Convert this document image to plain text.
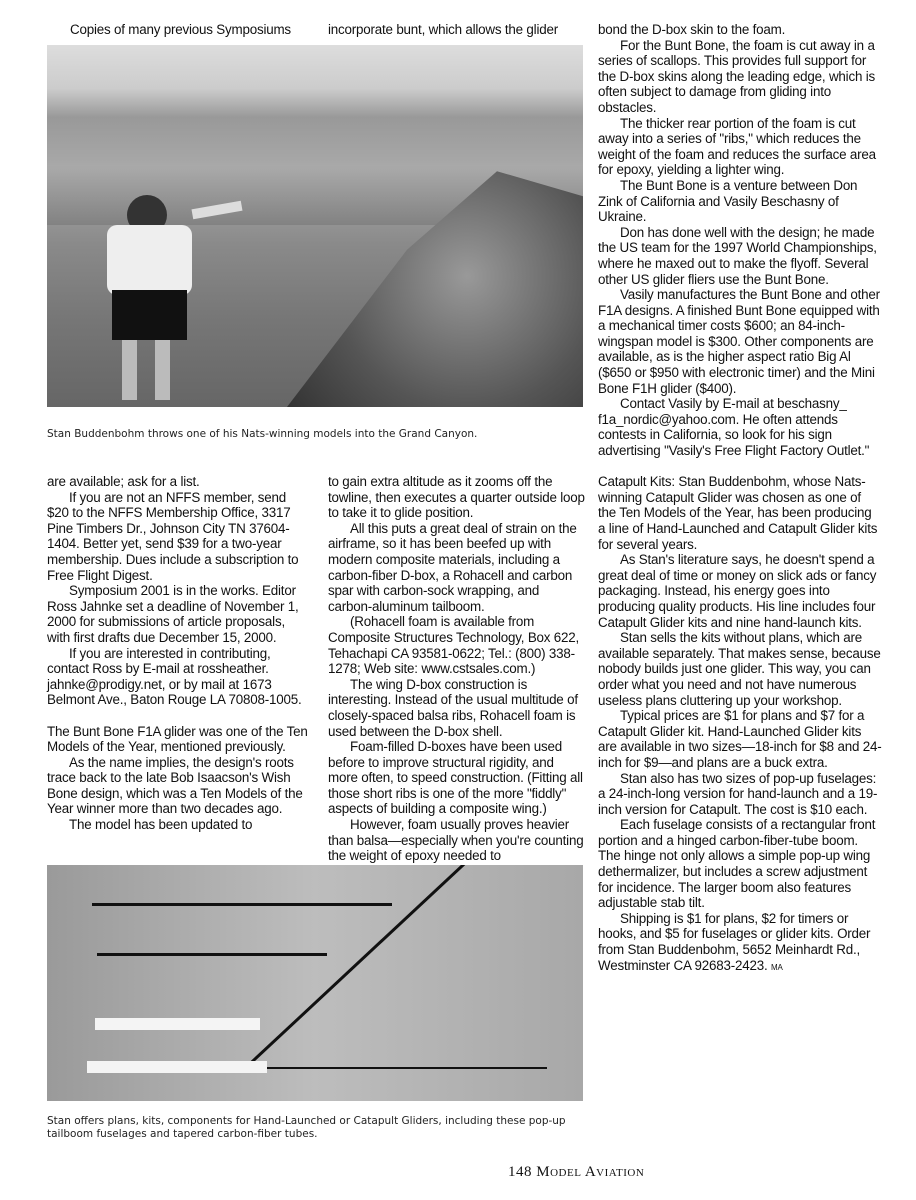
Copies of many previous Symposiums	incorporate bunt, which allows the glider
Stan Buddenbohm throws one of his Nats-winning models into the Grand Canyon.

are available; ask for a list.

If you are not an NFFS member, send $20 to the NFFS Membership Office, 3317 Pine Timbers Dr., Johnson City TN 37604-1404. Better yet, send $39 for a two-year membership. Dues include a subscription to Free Flight Digest.

Symposium 2001 is in the works. Editor Ross Jahnke set a deadline of November 1, 2000 for submissions of article proposals, with first drafts due December 15, 2000.

If you are interested in contributing, contact Ross by E-mail at rossheather. jahnke@prodigy.net, or by mail at 1673 Belmont Ave., Baton Rouge LA 70808-1005.

The Bunt Bone F1A glider was one of the Ten Models of the Year, mentioned previously.

As the name implies, the design's roots trace back to the late Bob Isaacson's Wish Bone design, which was a Ten Models of the Year winner more than two decades ago.

The model has been updated to

to gain extra altitude as it zooms off the towline, then executes a quarter outside loop to take it to glide position.

All this puts a great deal of strain on the airframe, so it has been beefed up with modern composite materials, including a carbon-fiber D-box, a Rohacell and carbon spar with carbon-sock wrapping, and carbon-aluminum tailboom.

(Rohacell foam is available from Composite Structures Technology, Box 622, Tehachapi CA 93581-0622; Tel.: (800) 338-1278; Web site: www.cstsales.com.)

The wing D-box construction is interesting. Instead of the usual multitude of closely-spaced balsa ribs, Rohacell foam is used between the D-box shell.

Foam-filled D-boxes have been used before to improve structural rigidity, and more often, to speed construction. (Fitting all those short ribs is one of the more "fiddly" aspects of building a composite wing.)

However, foam usually proves heavier than balsa—especially when you're counting the weight of epoxy needed to

bond the D-box skin to the foam.

For the Bunt Bone, the foam is cut away in a series of scallops. This provides full support for the D-box skins along the leading edge, which is often subject to damage from gliding into obstacles.

The thicker rear portion of the foam is cut away into a series of "ribs," which reduces the weight of the foam and reduces the surface area for epoxy, yielding a lighter wing.

The Bunt Bone is a venture between Don Zink of California and Vasily Beschasny of Ukraine.

Don has done well with the design; he made the US team for the 1997 World Championships, where he maxed out to make the flyoff. Several other US glider fliers use the Bunt Bone.

Vasily manufactures the Bunt Bone and other F1A designs. A finished Bunt Bone equipped with a mechanical timer costs $600; an 84-inch-wingspan model is $300. Other components are available, as is the higher aspect ratio Big Al ($650 or $950 with electronic timer) and the Mini Bone F1H glider ($400).

Contact Vasily by E-mail at beschasny_ f1a_nordic@yahoo.com. He often attends contests in California, so look for his sign advertising "Vasily's Free Flight Factory Outlet."

Catapult Kits: Stan Buddenbohm, whose Nats-winning Catapult Glider was chosen as one of the Ten Models of the Year, has been producing a line of Hand-Launched and Catapult Glider kits for several years.

As Stan's literature says, he doesn't spend a great deal of time or money on slick ads or fancy packaging. Instead, his energy goes into producing quality products. His line includes four Catapult Glider kits and nine hand-launch kits.

Stan sells the kits without plans, which are available separately. That makes sense, because nobody builds just one glider. This way, you can order what you need and not have numerous useless plans cluttering up your workshop.

Typical prices are $1 for plans and $7 for a Catapult Glider kit. Hand-Launched Glider kits are available in two sizes—18-inch for $8 and 24-inch for $9—and plans are a buck extra.

Stan also has two sizes of pop-up fuselages: a 24-inch-long version for hand-launch and a 19-inch version for Catapult. The cost is $10 each.

Each fuselage consists of a rectangular front portion and a hinged carbon-fiber-tube boom. The hinge not only allows a simple pop-up wing dethermalizer, but includes a screw adjustment for incidence. The larger boom also features adjustable stab tilt.

Shipping is $1 for plans, $2 for timers or hooks, and $5 for fuselages or glider kits. Order from Stan Buddenbohm, 5652 Meinhardt Rd., Westminster CA 92683-2423. MA

Stan offers plans, kits, components for Hand-Launched or Catapult Gliders, including these pop-up tailboom fuselages and tapered carbon-fiber tubes.
148 Model Aviation
